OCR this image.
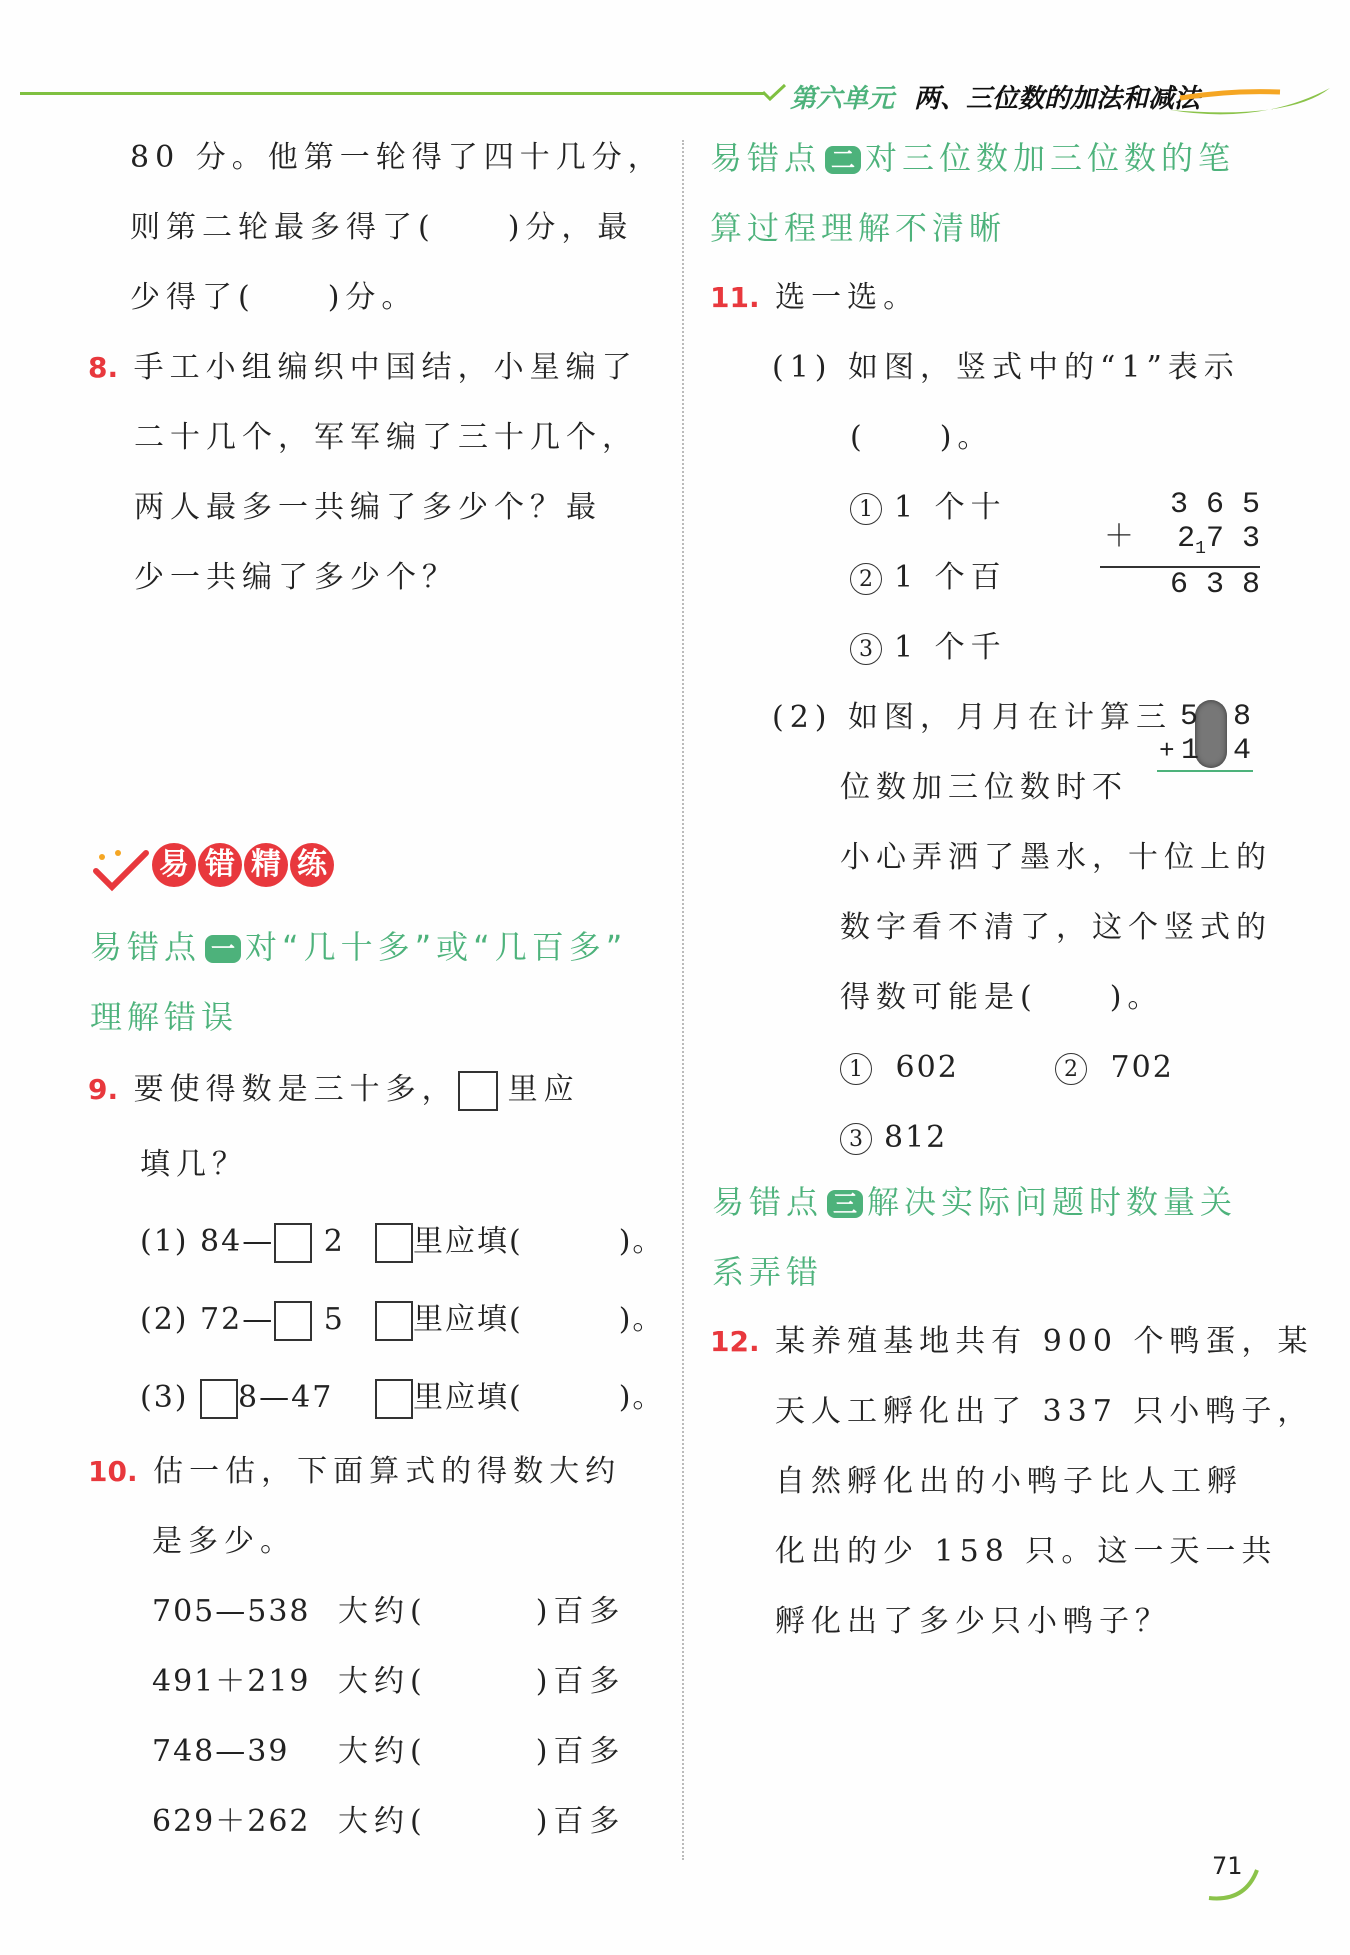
第六单元 两、三位数的加法和减法
80 分。他第一轮得了四十几分，
则第二轮最多得了(　　)分，最
少得了(　　)分。
8. 手工小组编织中国结，小星编了
二十几个，军军编了三十几个，
两人最多一共编了多少个？最
少一共编了多少个？
易 错 精 练
易错点 一 对“几十多”或“几百多”
理解错误
9. 要使得数是三十多， 里应
填几？
(1) 84— 2	里应填(　　　)。
(2) 72— 5	里应填(　　　)。
(3) 8—47	里应填(　　　)。
10. 估一估，下面算式的得数大约
是多少。
705—538 大约(　　　)百多
491＋219 大约(　　　)百多
748—39 大约(　　　)百多
629＋262 大约(　　　)百多
易错点 二 对三位数加三位数的笔
算过程理解不清晰
11. 选一选。
(1) 如图，竖式中的“1”表示
(　　)。
1 1 个十
2 1 个百
3 1 个千
3 6 5
＋	$2_17$ 3
6 3 8
(2) 如图，月月在计算三
位数加三位数时不
小心弄洒了墨水，十位上的
数字看不清了，这个竖式的
得数可能是(　　)。
5 8
+ 1 4
1 602	2 702
3 812
易错点 三 解决实际问题时数量关
系弄错
12. 某养殖基地共有 900 个鸭蛋，某
天人工孵化出了 337 只小鸭子，
自然孵化出的小鸭子比人工孵
化出的少 158 只。这一天一共
孵化出了多少只小鸭子？
71
